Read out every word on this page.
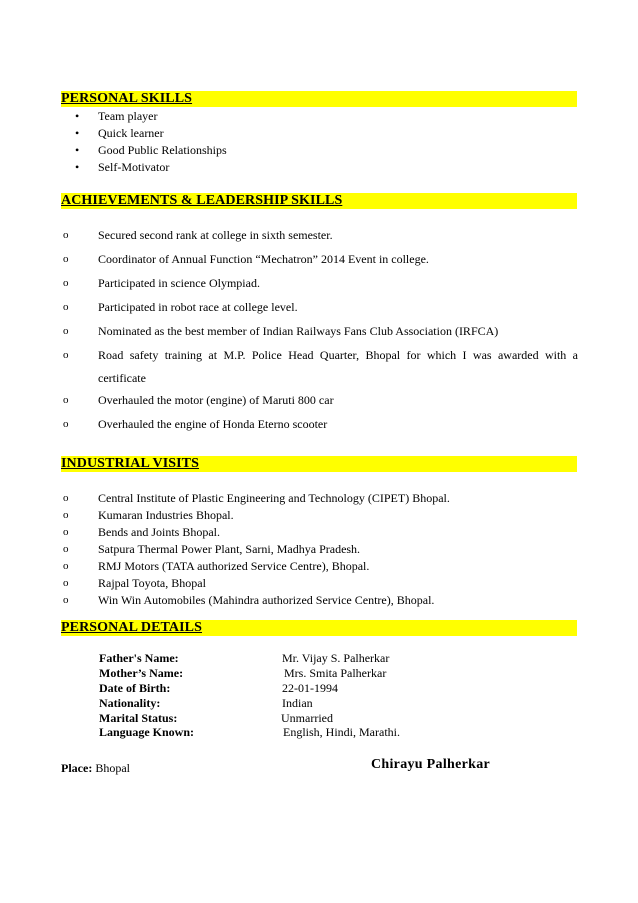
PERSONAL SKILLS
• Team player
• Quick learner
• Good Public Relationships
• Self-Motivator
ACHIEVEMENTS & LEADERSHIP SKILLS
o Secured second rank at college in sixth semester.
o Coordinator of Annual Function “Mechatron” 2014 Event in college.
o Participated in science Olympiad.
o Participated in robot race at college level.
o Nominated as the best member of Indian Railways Fans Club Association (IRFCA)
o Road safety training at M.P. Police Head Quarter, Bhopal for which I was awarded with a
certificate
o Overhauled the motor (engine) of Maruti 800 car
o Overhauled the engine of Honda Eterno scooter
INDUSTRIAL VISITS
o Central Institute of Plastic Engineering and Technology (CIPET) Bhopal.
o Kumaran Industries Bhopal.
o Bends and Joints Bhopal.
o Satpura Thermal Power Plant, Sarni, Madhya Pradesh.
o RMJ Motors (TATA authorized Service Centre), Bhopal.
o Rajpal Toyota, Bhopal
o Win Win Automobiles (Mahindra authorized Service Centre), Bhopal.
PERSONAL DETAILS
Father's Name:	Mr. Vijay S. Palherkar
Mother’s Name:	Mrs. Smita Palherkar
Date of Birth:	22-01-1994
Nationality:	Indian
Marital Status:	Unmarried
Language Known:	English, Hindi, Marathi.
Place: Bhopal	Chirayu Palherkar
